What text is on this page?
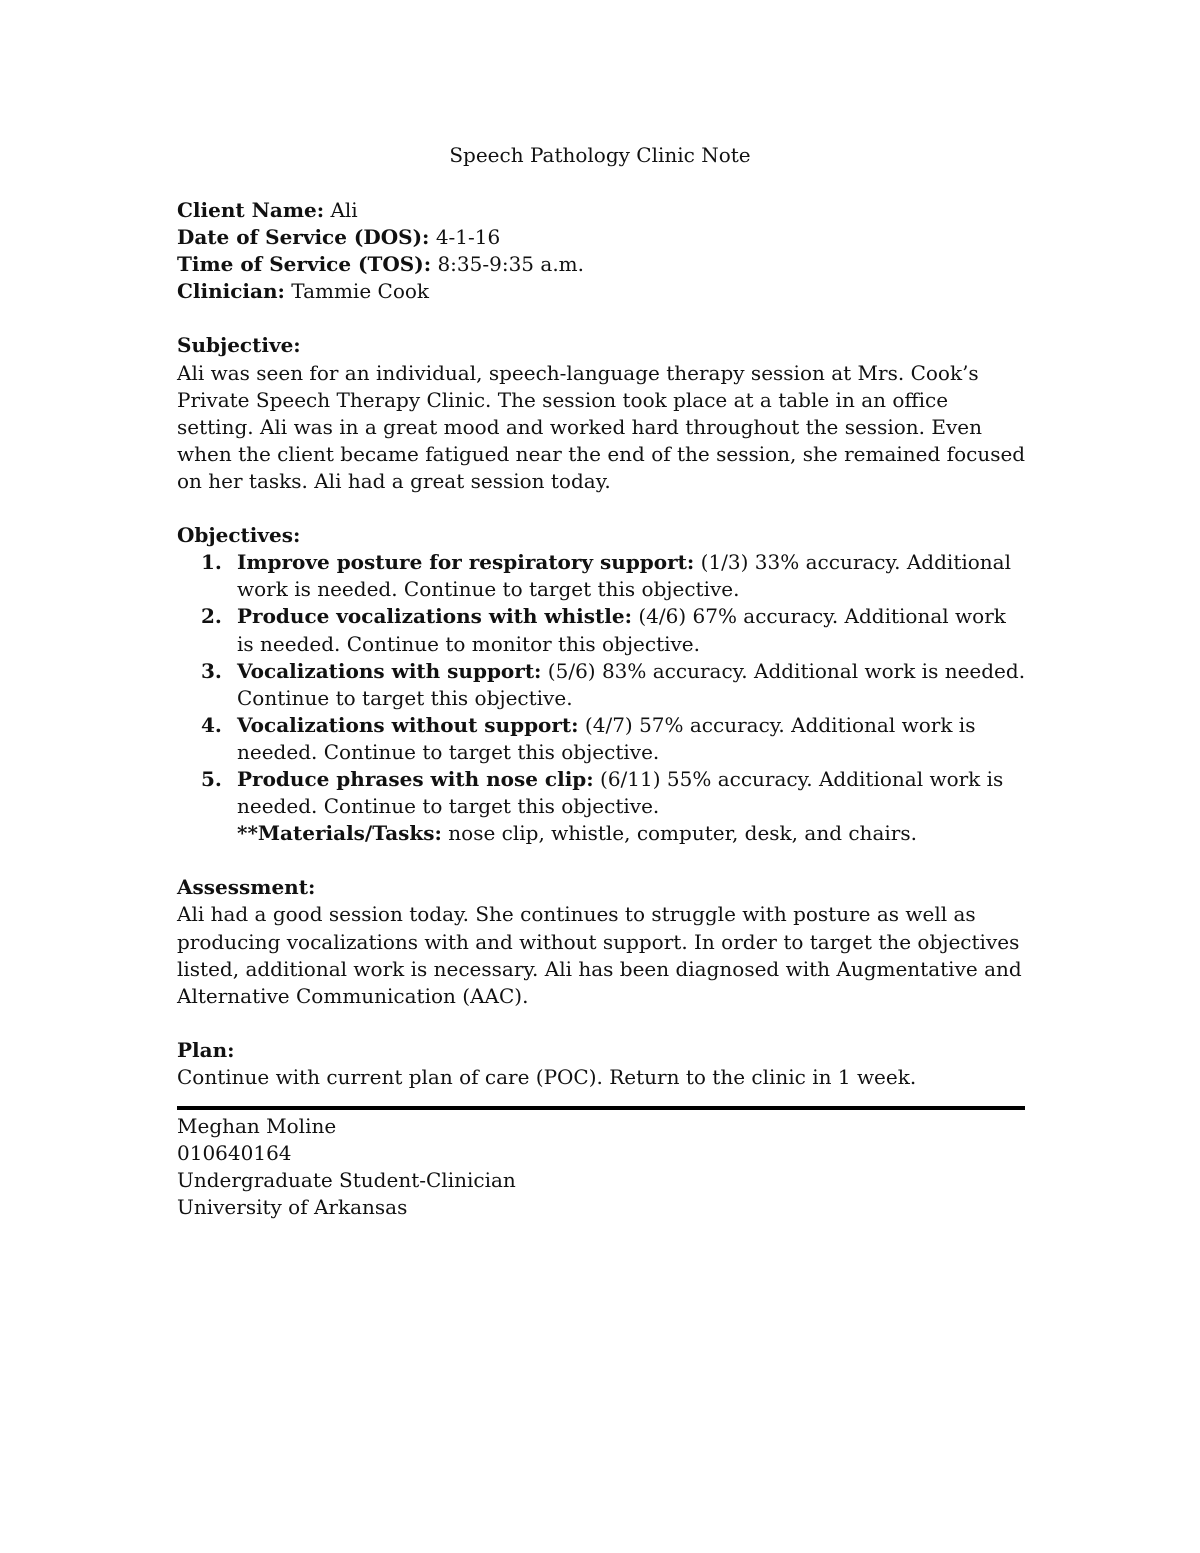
Speech Pathology Clinic Note
Client Name: Ali
Date of Service (DOS): 4-1-16
Time of Service (TOS): 8:35-9:35 a.m.
Clinician: Tammie Cook
Subjective:
Ali was seen for an individual, speech-language therapy session at Mrs. Cook’s Private Speech Therapy Clinic. The session took place at a table in an office setting. Ali was in a great mood and worked hard throughout the session. Even when the client became fatigued near the end of the session, she remained focused on her tasks. Ali had a great session today.
Objectives:
1. Improve posture for respiratory support: (1/3) 33% accuracy. Additional work is needed. Continue to target this objective.
2. Produce vocalizations with whistle: (4/6) 67% accuracy. Additional work is needed. Continue to monitor this objective.
3. Vocalizations with support: (5/6) 83% accuracy. Additional work is needed. Continue to target this objective.
4. Vocalizations without support: (4/7) 57% accuracy. Additional work is needed. Continue to target this objective.
5. Produce phrases with nose clip: (6/11) 55% accuracy. Additional work is needed. Continue to target this objective.
**Materials/Tasks: nose clip, whistle, computer, desk, and chairs.
Assessment:
Ali had a good session today. She continues to struggle with posture as well as producing vocalizations with and without support. In order to target the objectives listed, additional work is necessary. Ali has been diagnosed with Augmentative and Alternative Communication (AAC).
Plan:
Continue with current plan of care (POC). Return to the clinic in 1 week.
Meghan Moline
010640164
Undergraduate Student-Clinician
University of Arkansas
